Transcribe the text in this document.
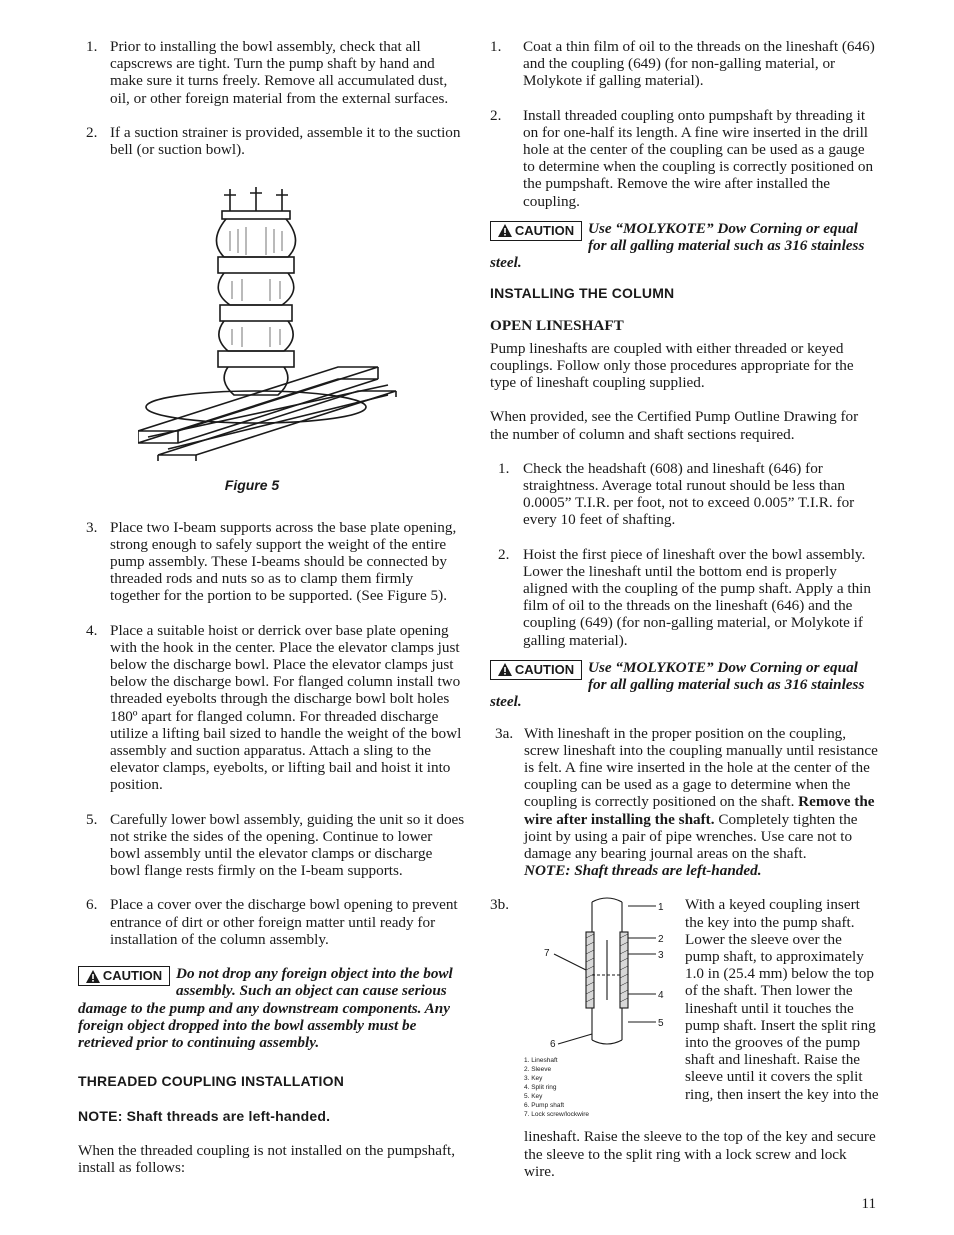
1. Prior to installing the bowl assembly, check that all capscrews are tight. Turn the pump shaft by hand and make sure it turns freely. Remove all accumulated dust, oil, or other foreign material from the external surfaces.
2. If a suction strainer is provided, assemble it to the suction bell (or suction bowl).
Figure 5
3. Place two I-beam supports across the base plate opening, strong enough to safely support the weight of the entire pump assembly. These I-beams should be connected by threaded rods and nuts so as to clamp them firmly together for the portion to be supported. (See Figure 5).
4. Place a suitable hoist or derrick over base plate opening with the hook in the center. Place the elevator clamps just below the discharge bowl. Place the elevator clamps just below the discharge bowl. For flanged column install two threaded eyebolts through the discharge bowl bolt holes 180º apart for flanged column. For threaded discharge utilize a lifting bail sized to handle the weight of the bowl assembly and suction apparatus. Attach a sling to the elevator clamps, eyebolts, or lifting bail and hoist it into position.
5. Carefully lower bowl assembly, guiding the unit so it does not strike the sides of the opening. Continue to lower bowl assembly until the elevator clamps or discharge bowl flange rests firmly on the I-beam supports.
6. Place a cover over the discharge bowl opening to prevent entrance of dirt or other foreign matter until ready for installation of the column assembly.
CAUTION Do not drop any foreign object into the bowl assembly. Such an object can cause serious damage to the pump and any downstream components. Any foreign object dropped into the bowl assembly must be retrieved prior to continuing assembly.
THREADED COUPLING INSTALLATION
NOTE: Shaft threads are left-handed.

When the threaded coupling is not installed on the pumpshaft, install as follows:

1. Coat a thin film of oil to the threads on the lineshaft (646) and the coupling (649) (for non-galling material, or Molykote if galling material).
2. Install threaded coupling onto pumpshaft by threading it on for one-half its length. A fine wire inserted in the drill hole at the center of the coupling can be used as a gauge to determine when the coupling is correctly positioned on the pumpshaft. Remove the wire after installed the coupling.
CAUTION Use “MOLYKOTE” Dow Corning or equal for all galling material such as 316 stainless steel.
INSTALLING THE COLUMN
OPEN LINESHAFT

Pump lineshafts are coupled with either threaded or keyed couplings. Follow only those procedures appropriate for the type of lineshaft coupling supplied.

When provided, see the Certified Pump Outline Drawing for the number of column and shaft sections required.

1. Check the headshaft (608) and lineshaft (646) for straightness. Average total runout should be less than 0.0005” T.I.R. per foot, not to exceed 0.005” T.I.R. for every 10 feet of shafting.
2. Hoist the first piece of lineshaft over the bowl assembly. Lower the lineshaft until the bottom end is properly aligned with the coupling of the pump shaft. Apply a thin film of oil to the threads on the lineshaft (646) and the coupling (649) (for non-galling material, or Molykote if galling material).
CAUTION Use “MOLYKOTE” Dow Corning or equal for all galling material such as 316 stainless steel.
3a. With lineshaft in the proper position on the coupling, screw lineshaft into the coupling manually until resistance is felt. A fine wire inserted in the hole at the center of the coupling can be used as a gage to determine when the coupling is correctly positioned on the shaft. Remove the wire after installing the shaft. Completely tighten the joint by using a pair of pipe wrenches. Use care not to damage any bearing journal areas on the shaft.
NOTE: Shaft threads are left-handed.
3b.	1
2
3
4
5
6
7
1. Lineshaft
2. Sleeve
3. Key
4. Split ring
5. Key
6. Pump shaft
7. Lock screw/lockwire
With a keyed coupling insert the key into the pump shaft. Lower the sleeve over the pump shaft, to approximately 1.0 in (25.4 mm) below the top of the shaft. Then lower the lineshaft until it touches the pump shaft. Insert the split ring into the grooves of the pump shaft and lineshaft. Raise the sleeve until it covers the split ring, then insert the key into the
lineshaft. Raise the sleeve to the top of the key and secure the sleeve to the split ring with a lock screw and lock wire.
11
